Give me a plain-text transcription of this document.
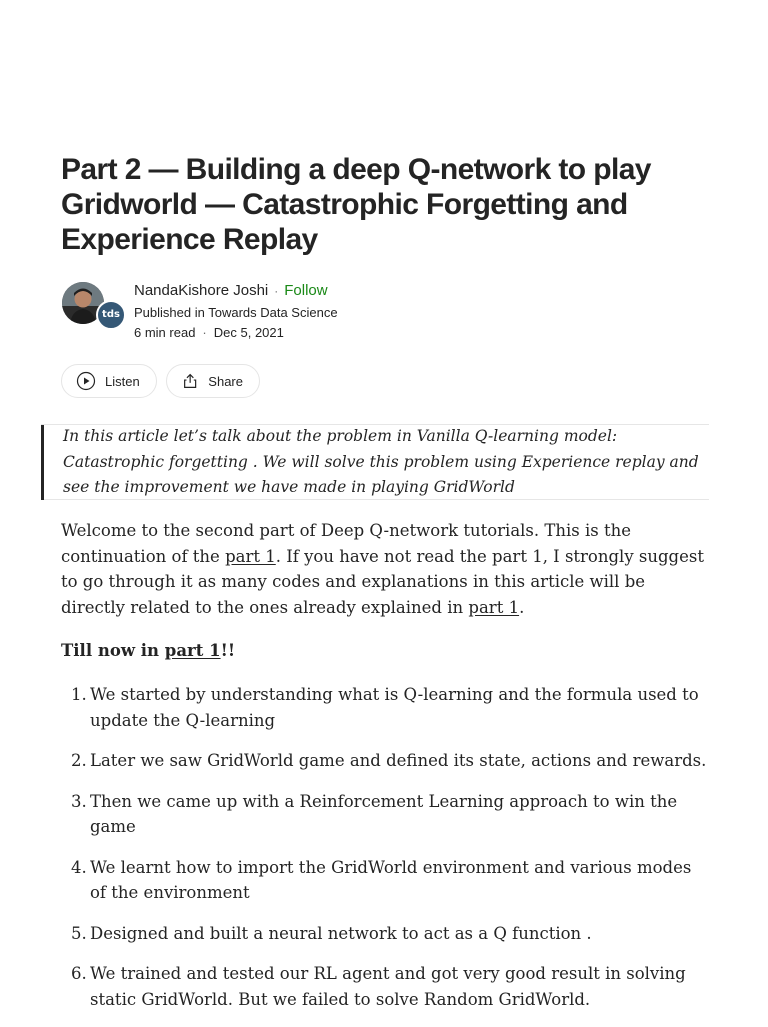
Part 2 — Building a deep Q-network to play Gridworld — Catastrophic Forgetting and Experience Replay
tds
NandaKishore Joshi · Follow
Published in Towards Data Science
6 min read · Dec 5, 2021
Listen	Share

In this article let’s talk about the problem in Vanilla Q-learning model: Catastrophic forgetting . We will solve this problem using Experience replay and see the improvement we have made in playing GridWorld

Welcome to the second part of Deep Q-network tutorials. This is the continuation of the part 1. If you have not read the part 1, I strongly suggest to go through it as many codes and explanations in this article will be directly related to the ones already explained in part 1.

Till now in part 1!!

1. We started by understanding what is Q-learning and the formula used to update the Q-learning
2. Later we saw GridWorld game and defined its state, actions and rewards.
3. Then we came up with a Reinforcement Learning approach to win the game
4. We learnt how to import the GridWorld environment and various modes of the environment
5. Designed and built a neural network to act as a Q function .
6. We trained and tested our RL agent and got very good result in solving static GridWorld. But we failed to solve Random GridWorld.
